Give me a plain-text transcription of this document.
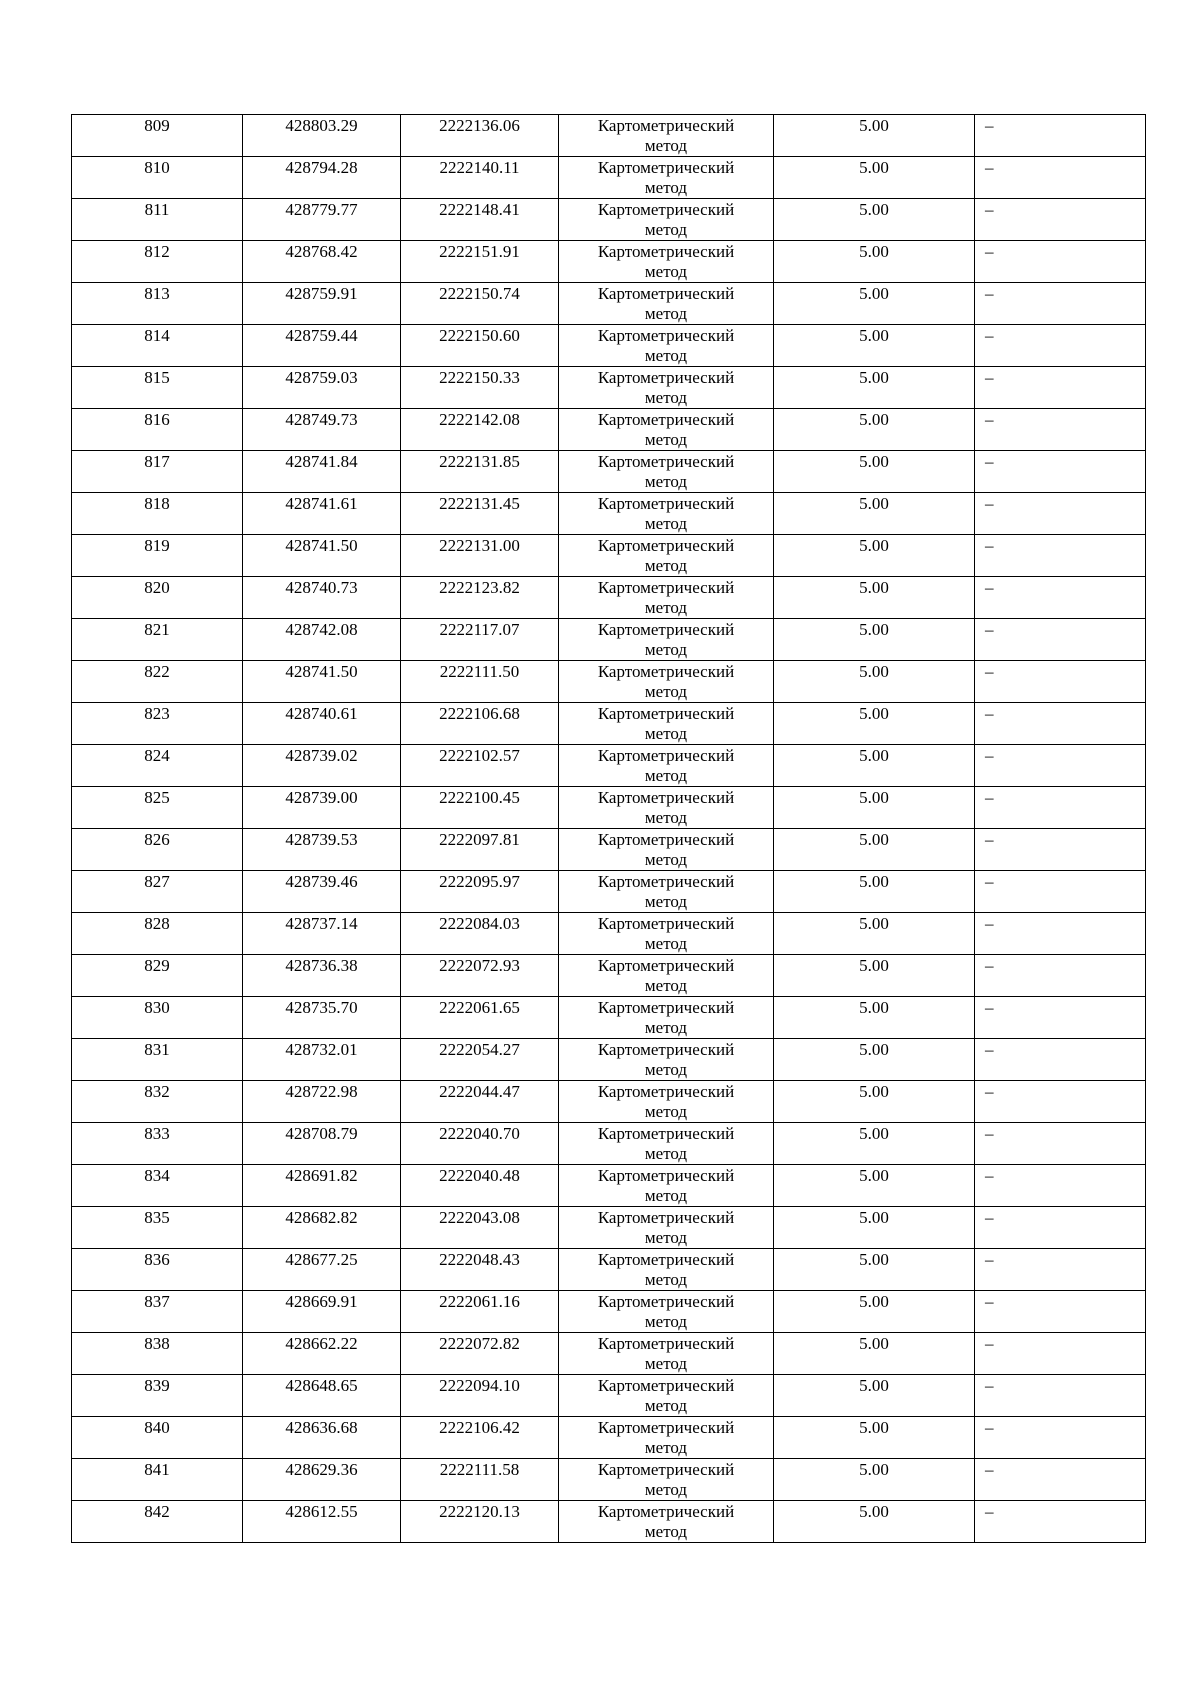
809	428803.29	2222136.06	Картометрический
метод	5.00	–
810	428794.28	2222140.11	Картометрический
метод	5.00	–
811	428779.77	2222148.41	Картометрический
метод	5.00	–
812	428768.42	2222151.91	Картометрический
метод	5.00	–
813	428759.91	2222150.74	Картометрический
метод	5.00	–
814	428759.44	2222150.60	Картометрический
метод	5.00	–
815	428759.03	2222150.33	Картометрический
метод	5.00	–
816	428749.73	2222142.08	Картометрический
метод	5.00	–
817	428741.84	2222131.85	Картометрический
метод	5.00	–
818	428741.61	2222131.45	Картометрический
метод	5.00	–
819	428741.50	2222131.00	Картометрический
метод	5.00	–
820	428740.73	2222123.82	Картометрический
метод	5.00	–
821	428742.08	2222117.07	Картометрический
метод	5.00	–
822	428741.50	2222111.50	Картометрический
метод	5.00	–
823	428740.61	2222106.68	Картометрический
метод	5.00	–
824	428739.02	2222102.57	Картометрический
метод	5.00	–
825	428739.00	2222100.45	Картометрический
метод	5.00	–
826	428739.53	2222097.81	Картометрический
метод	5.00	–
827	428739.46	2222095.97	Картометрический
метод	5.00	–
828	428737.14	2222084.03	Картометрический
метод	5.00	–
829	428736.38	2222072.93	Картометрический
метод	5.00	–
830	428735.70	2222061.65	Картометрический
метод	5.00	–
831	428732.01	2222054.27	Картометрический
метод	5.00	–
832	428722.98	2222044.47	Картометрический
метод	5.00	–
833	428708.79	2222040.70	Картометрический
метод	5.00	–
834	428691.82	2222040.48	Картометрический
метод	5.00	–
835	428682.82	2222043.08	Картометрический
метод	5.00	–
836	428677.25	2222048.43	Картометрический
метод	5.00	–
837	428669.91	2222061.16	Картометрический
метод	5.00	–
838	428662.22	2222072.82	Картометрический
метод	5.00	–
839	428648.65	2222094.10	Картометрический
метод	5.00	–
840	428636.68	2222106.42	Картометрический
метод	5.00	–
841	428629.36	2222111.58	Картометрический
метод	5.00	–
842	428612.55	2222120.13	Картометрический
метод	5.00	–
